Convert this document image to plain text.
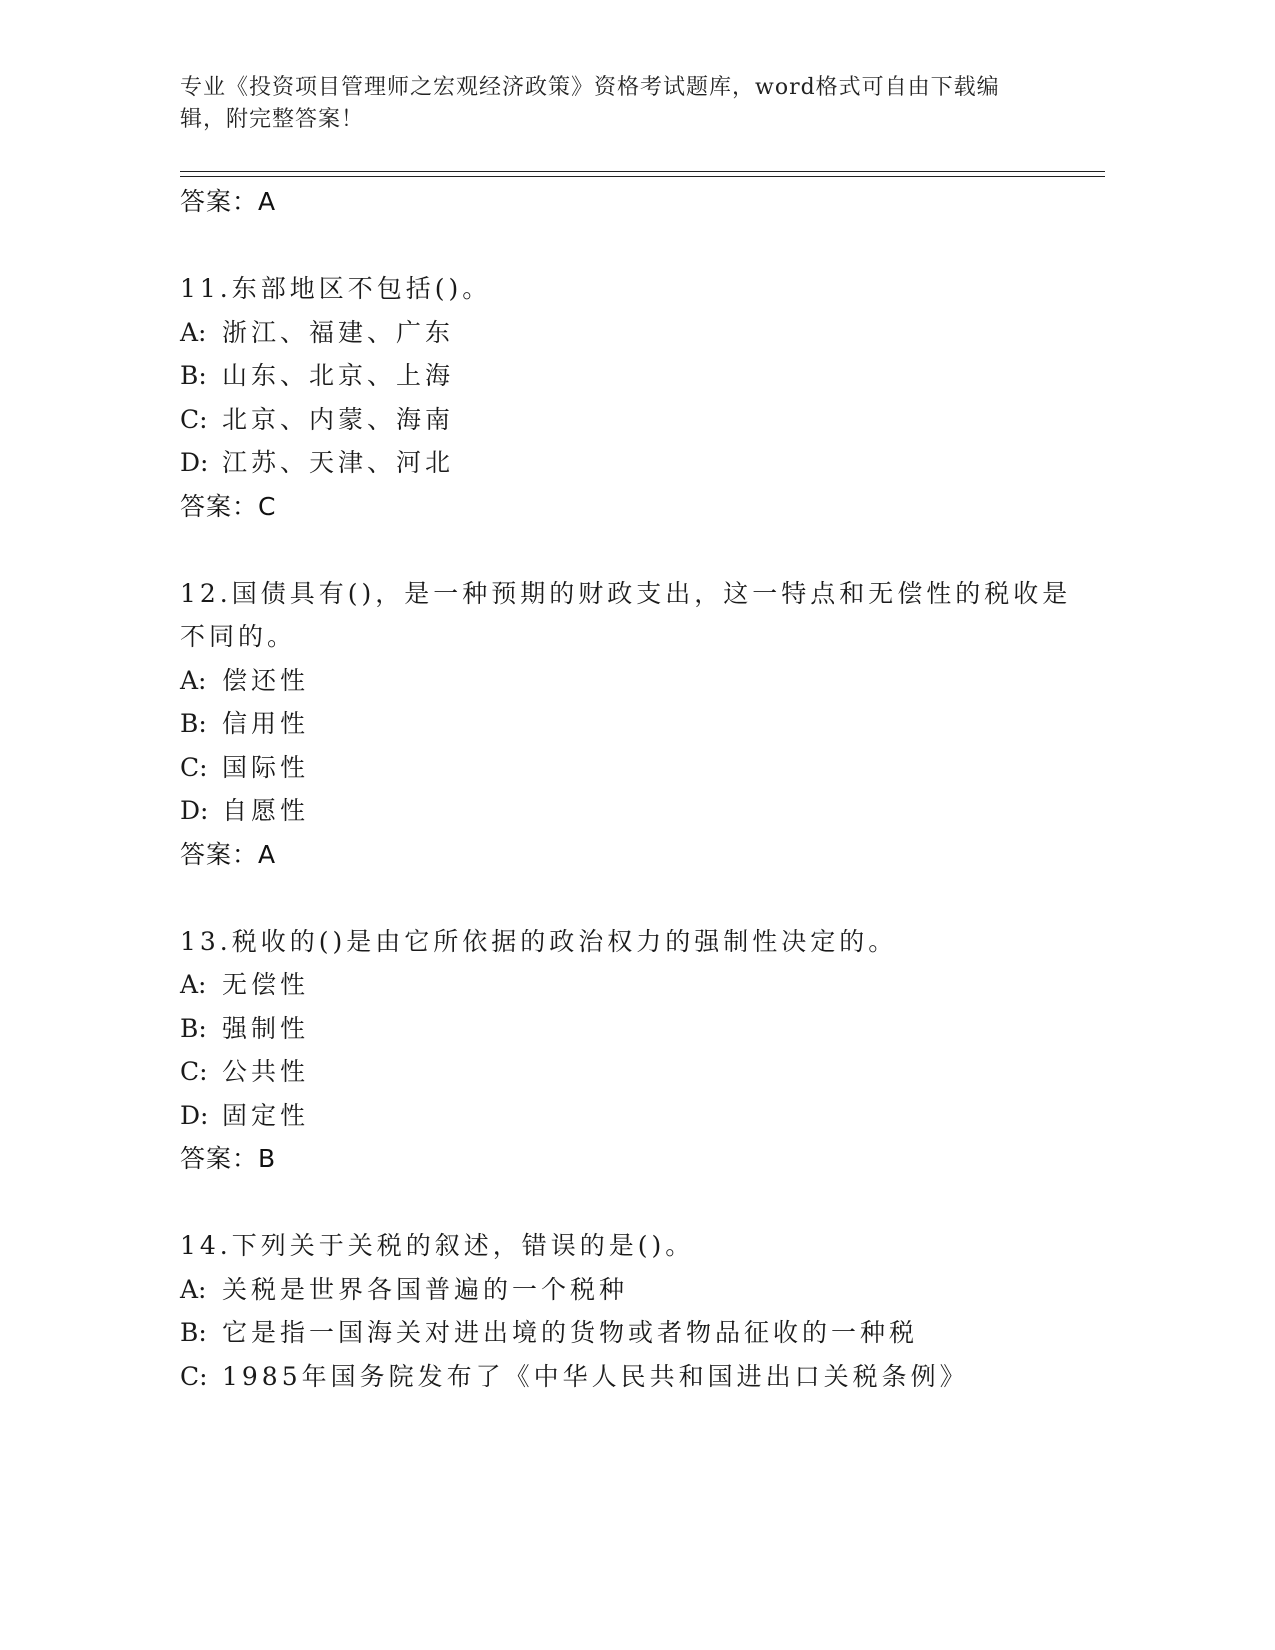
专业《投资项目管理师之宏观经济政策》资格考试题库，word格式可自由下载编辑，附完整答案！
答案：A
11.东部地区不包括()。
A: 浙江、福建、广东
B: 山东、北京、上海
C: 北京、内蒙、海南
D: 江苏、天津、河北
答案：C
12.国债具有()，是一种预期的财政支出，这一特点和无偿性的税收是不同的。
A: 偿还性
B: 信用性
C: 国际性
D: 自愿性
答案：A
13.税收的()是由它所依据的政治权力的强制性决定的。
A: 无偿性
B: 强制性
C: 公共性
D: 固定性
答案：B
14.下列关于关税的叙述，错误的是()。
A: 关税是世界各国普遍的一个税种
B: 它是指一国海关对进出境的货物或者物品征收的一种税
C: 1985年国务院发布了《中华人民共和国进出口关税条例》
